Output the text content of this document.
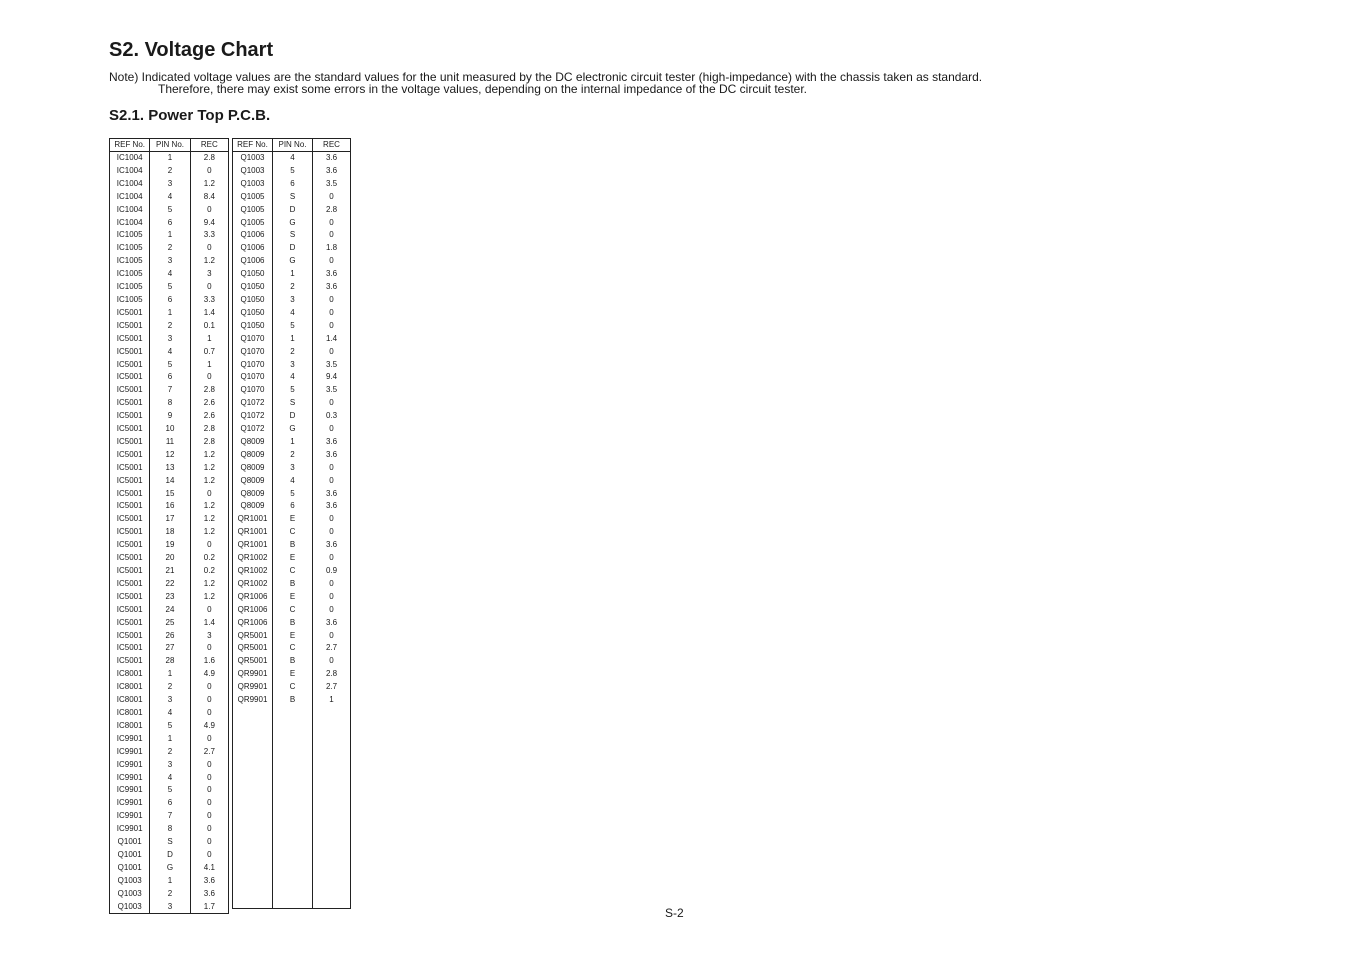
S2. Voltage Chart

Note) Indicated voltage values are the standard values for the unit measured by the DC electronic circuit tester (high-impedance) with the chassis taken as standard.

Therefore, there may exist some errors in the voltage values, depending on the internal impedance of the DC circuit tester.

S2.1. Power Top P.C.B.
REF No.	PIN No.	REC
IC1004	1	2.8
IC1004	2	0
IC1004	3	1.2
IC1004	4	8.4
IC1004	5	0
IC1004	6	9.4
IC1005	1	3.3
IC1005	2	0
IC1005	3	1.2
IC1005	4	3
IC1005	5	0
IC1005	6	3.3
IC5001	1	1.4
IC5001	2	0.1
IC5001	3	1
IC5001	4	0.7
IC5001	5	1
IC5001	6	0
IC5001	7	2.8
IC5001	8	2.6
IC5001	9	2.6
IC5001	10	2.8
IC5001	11	2.8
IC5001	12	1.2
IC5001	13	1.2
IC5001	14	1.2
IC5001	15	0
IC5001	16	1.2
IC5001	17	1.2
IC5001	18	1.2
IC5001	19	0
IC5001	20	0.2
IC5001	21	0.2
IC5001	22	1.2
IC5001	23	1.2
IC5001	24	0
IC5001	25	1.4
IC5001	26	3
IC5001	27	0
IC5001	28	1.6
IC8001	1	4.9
IC8001	2	0
IC8001	3	0
IC8001	4	0
IC8001	5	4.9
IC9901	1	0
IC9901	2	2.7
IC9901	3	0
IC9901	4	0
IC9901	5	0
IC9901	6	0
IC9901	7	0
IC9901	8	0
Q1001	S	0
Q1001	D	0
Q1001	G	4.1
Q1003	1	3.6
Q1003	2	3.6
Q1003	3	1.7

REF No.	PIN No.	REC
Q1003	4	3.6
Q1003	5	3.6
Q1003	6	3.5
Q1005	S	0
Q1005	D	2.8
Q1005	G	0
Q1006	S	0
Q1006	D	1.8
Q1006	G	0
Q1050	1	3.6
Q1050	2	3.6
Q1050	3	0
Q1050	4	0
Q1050	5	0
Q1070	1	1.4
Q1070	2	0
Q1070	3	3.5
Q1070	4	9.4
Q1070	5	3.5
Q1072	S	0
Q1072	D	0.3
Q1072	G	0
Q8009	1	3.6
Q8009	2	3.6
Q8009	3	0
Q8009	4	0
Q8009	5	3.6
Q8009	6	3.6
QR1001	E	0
QR1001	C	0
QR1001	B	3.6
QR1002	E	0
QR1002	C	0.9
QR1002	B	0
QR1006	E	0
QR1006	C	0
QR1006	B	3.6
QR5001	E	0
QR5001	C	2.7
QR5001	B	0
QR9901	E	2.8
QR9901	C	2.7
QR9901	B	1

S-2
